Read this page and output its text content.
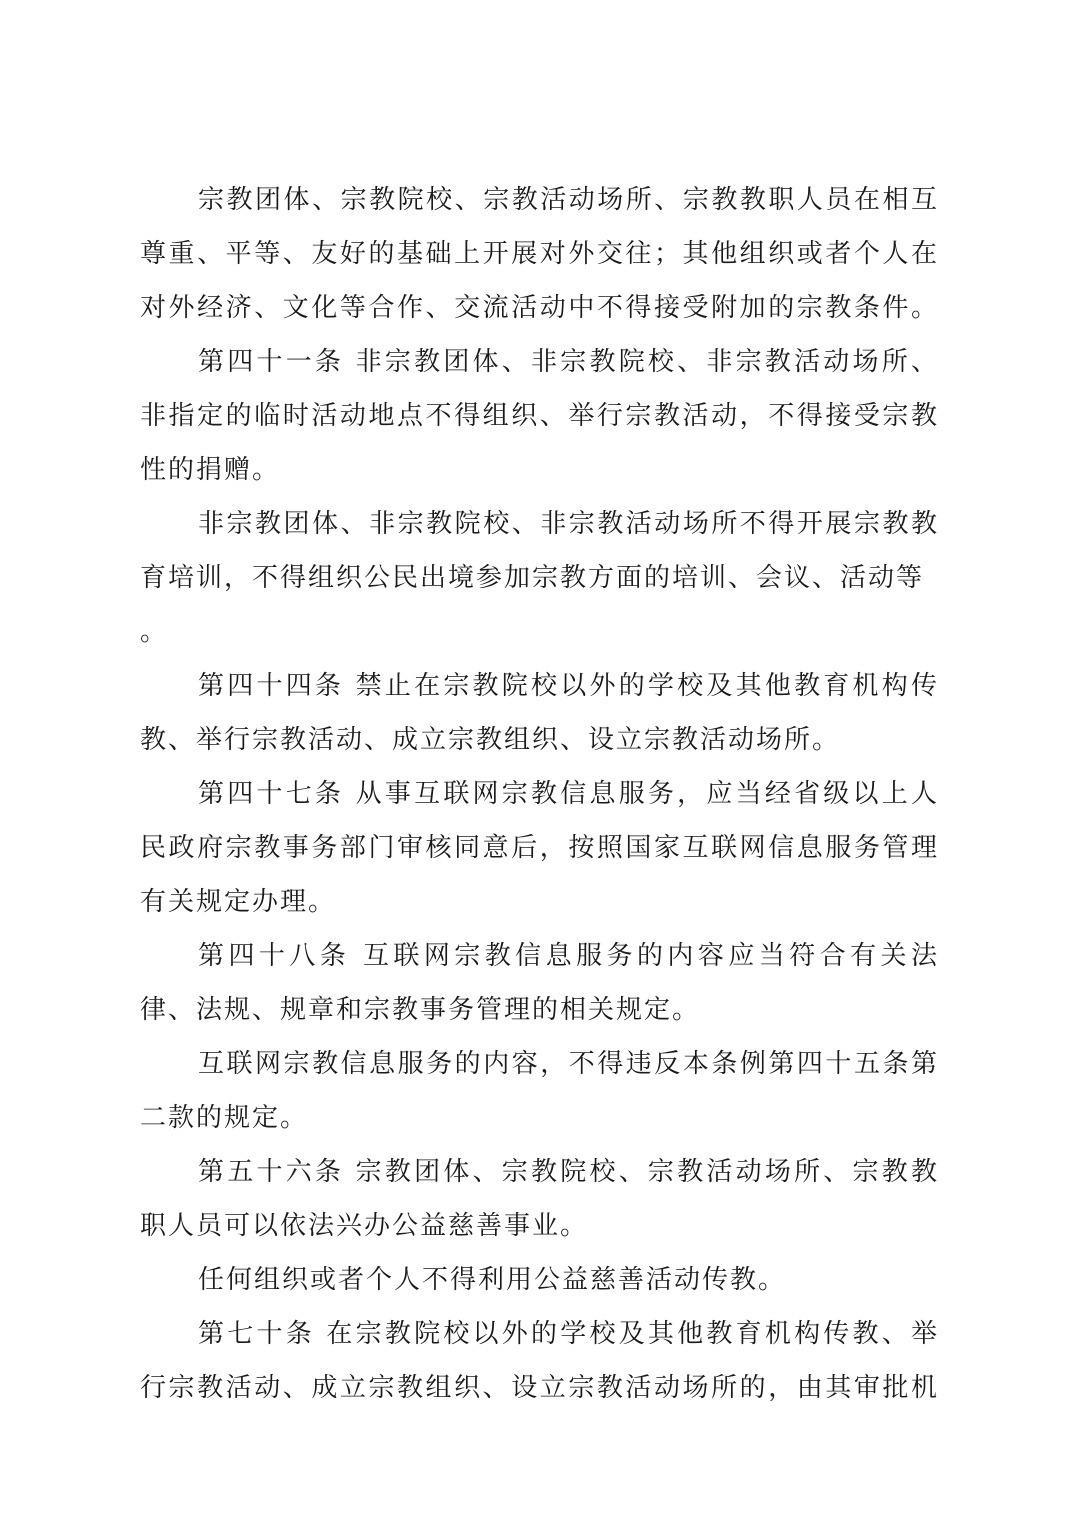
宗教团体、宗教院校、宗教活动场所、宗教教职人员在相互
尊重、平等、友好的基础上开展对外交往；其他组织或者个人在
对外经济、文化等合作、交流活动中不得接受附加的宗教条件。
第四十一条 非宗教团体、非宗教院校、非宗教活动场所、
非指定的临时活动地点不得组织、举行宗教活动，不得接受宗教
性的捐赠。
非宗教团体、非宗教院校、非宗教活动场所不得开展宗教教
育培训，不得组织公民出境参加宗教方面的培训、会议、活动等。
第四十四条 禁止在宗教院校以外的学校及其他教育机构传
教、举行宗教活动、成立宗教组织、设立宗教活动场所。
第四十七条 从事互联网宗教信息服务，应当经省级以上人
民政府宗教事务部门审核同意后，按照国家互联网信息服务管理
有关规定办理。
第四十八条 互联网宗教信息服务的内容应当符合有关法
律、法规、规章和宗教事务管理的相关规定。
互联网宗教信息服务的内容，不得违反本条例第四十五条第
二款的规定。
第五十六条 宗教团体、宗教院校、宗教活动场所、宗教教
职人员可以依法兴办公益慈善事业。
任何组织或者个人不得利用公益慈善活动传教。
第七十条 在宗教院校以外的学校及其他教育机构传教、举
行宗教活动、成立宗教组织、设立宗教活动场所的，由其审批机
